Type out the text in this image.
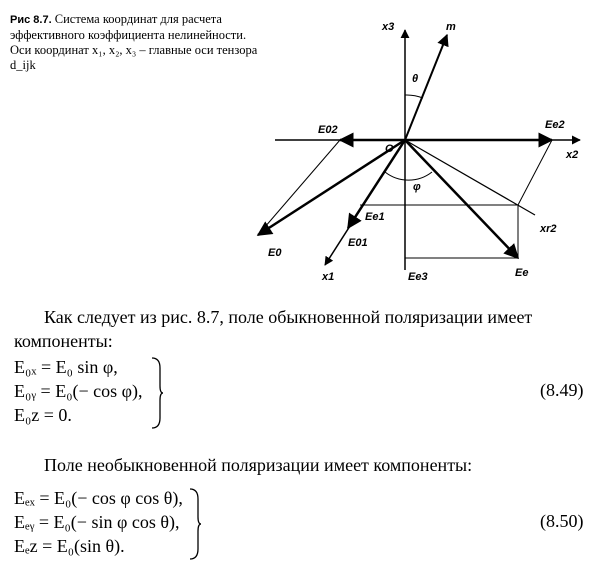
Рис 8.7. Система координат для расчета эффективного коэффициента нелинейности. Оси координат x₁, x₂, x₃ – главные оси тензора d_ijk
x3	m
θ
E02	Ee2
O	x2
φ
Ee1
xr2
E01
E0
x1	Ee3	Ee
Как следует из рис. 8.7, поле обыкновенной поляризации имеет компоненты:
E₀ₓ = E₀ sin φ,
E₀ᵧ = E₀(− cos φ),
E₀z = 0.
(8.49)
Поле необыкновенной поляризации имеет компоненты:
Eₑₓ = E₀(− cos φ cos θ),
Eₑᵧ = E₀(− sin φ cos θ),
Eₑz = E₀(sin θ).
(8.50)
